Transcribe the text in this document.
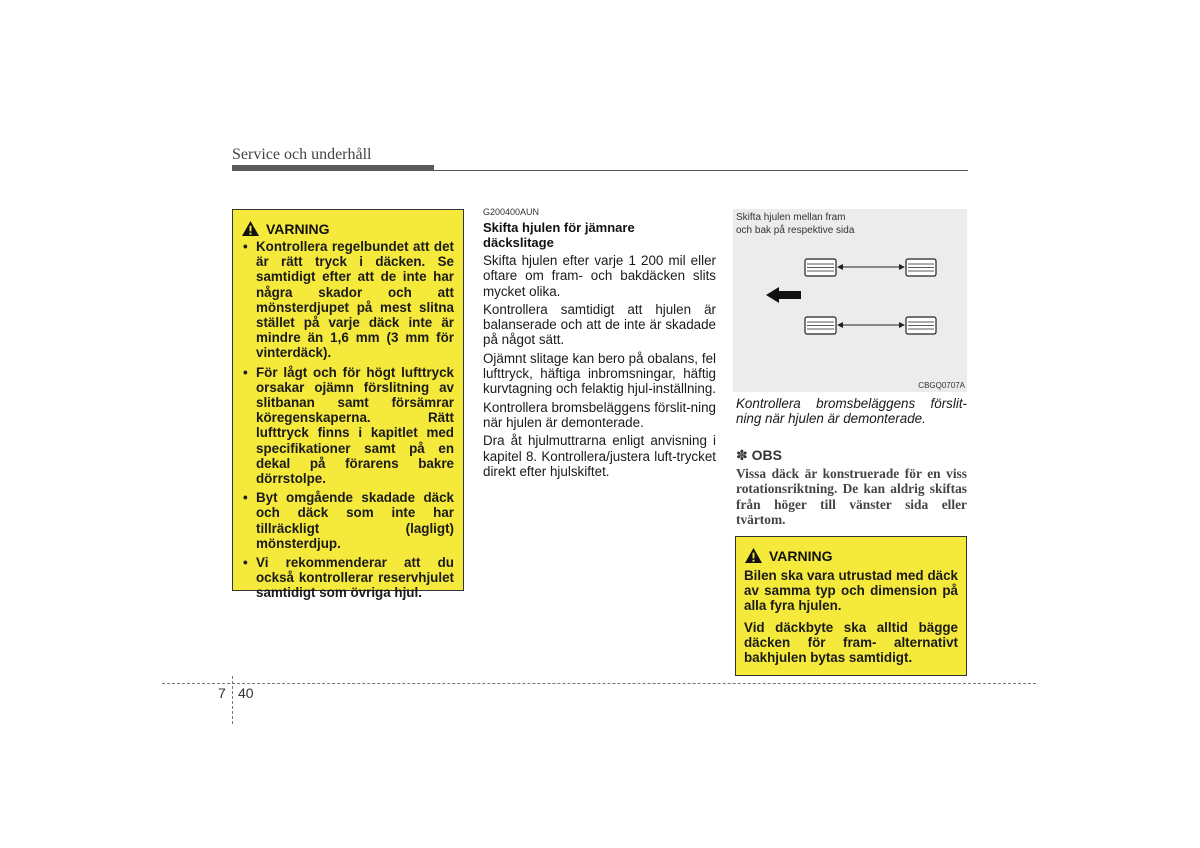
Service och underhåll
VARNING
• Kontrollera regelbundet att det är rätt tryck i däcken. Se samtidigt efter att de inte har några skador och att mönsterdjupet på mest slitna stället på varje däck inte är mindre än 1,6 mm (3 mm för vinterdäck).
• För lågt och för högt lufttryck orsakar ojämn förslitning av slitbanan samt försämrar köregenskaperna. Rätt lufttryck finns i kapitlet med specifikationer samt på en dekal på förarens bakre dörrstolpe.
• Byt omgående skadade däck och däck som inte har tillräckligt (lagligt) mönsterdjup.
• Vi rekommenderar att du också kontrollerar reservhjulet samtidigt som övriga hjul.
G200400AUN
Skifta hjulen för jämnare
däckslitage

Skifta hjulen efter varje 1 200 mil eller oftare om fram- och bakdäcken slits mycket olika.

Kontrollera samtidigt att hjulen är balanserade och att de inte är skadade på något sätt.

Ojämnt slitage kan bero på obalans, fel lufttryck, häftiga inbromsningar, häftig kurvtagning och felaktig hjul-inställning.

Kontrollera bromsbeläggens förslit-ning när hjulen är demonterade.

Dra åt hjulmuttrarna enligt anvisning i kapitel 8. Kontrollera/justera luft-trycket direkt efter hjulskiftet.

Skifta hjulen mellan fram
och bak på respektive sida
CBGQ0707A
Kontrollera bromsbeläggens förslit-ning när hjulen är demonterade.
✽ OBS
Vissa däck är konstruerade för en viss rotationsriktning. De kan aldrig skiftas från höger till vänster sida eller tvärtom.
VARNING

Bilen ska vara utrustad med däck av samma typ och dimension på alla fyra hjulen.

Vid däckbyte ska alltid bägge däcken för fram- alternativt bakhjulen bytas samtidigt.

7 40
